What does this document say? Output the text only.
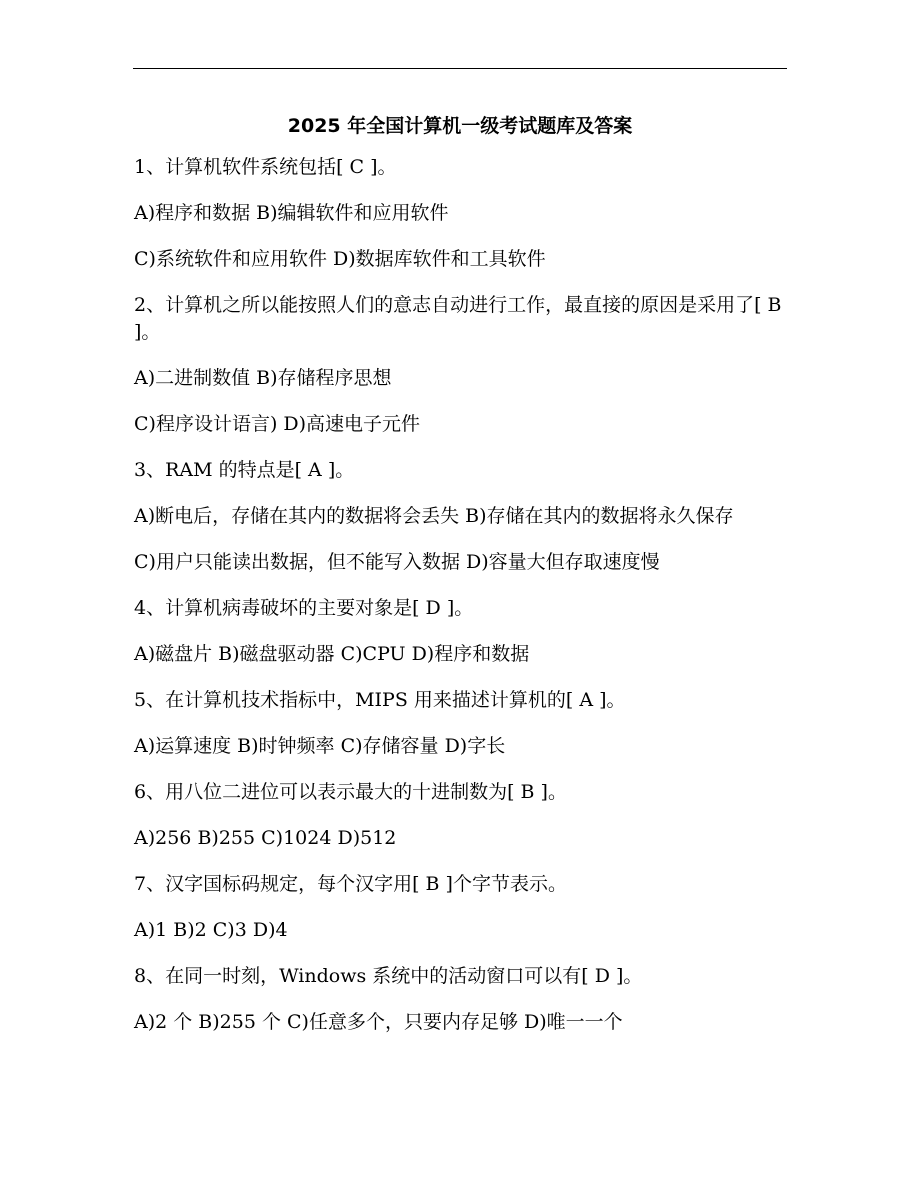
2025 年全国计算机一级考试题库及答案

1、计算机软件系统包括[ C ]。

A)程序和数据 B)编辑软件和应用软件

C)系统软件和应用软件 D)数据库软件和工具软件

2、计算机之所以能按照人们的意志自动进行工作，最直接的原因是采用了[ B ]。

A)二进制数值 B)存储程序思想

C)程序设计语言) D)高速电子元件

3、RAM 的特点是[ A ]。

A)断电后，存储在其内的数据将会丢失 B)存储在其内的数据将永久保存

C)用户只能读出数据，但不能写入数据 D)容量大但存取速度慢

4、计算机病毒破坏的主要对象是[ D ]。

A)磁盘片 B)磁盘驱动器 C)CPU D)程序和数据

5、在计算机技术指标中，MIPS 用来描述计算机的[ A ]。

A)运算速度 B)时钟频率 C)存储容量 D)字长

6、用八位二进位可以表示最大的十进制数为[ B ]。

A)256 B)255 C)1024 D)512

7、汉字国标码规定，每个汉字用[ B ]个字节表示。

A)1 B)2 C)3 D)4

8、在同一时刻，Windows 系统中的活动窗口可以有[ D ]。

A)2 个 B)255 个 C)任意多个，只要内存足够 D)唯一一个
